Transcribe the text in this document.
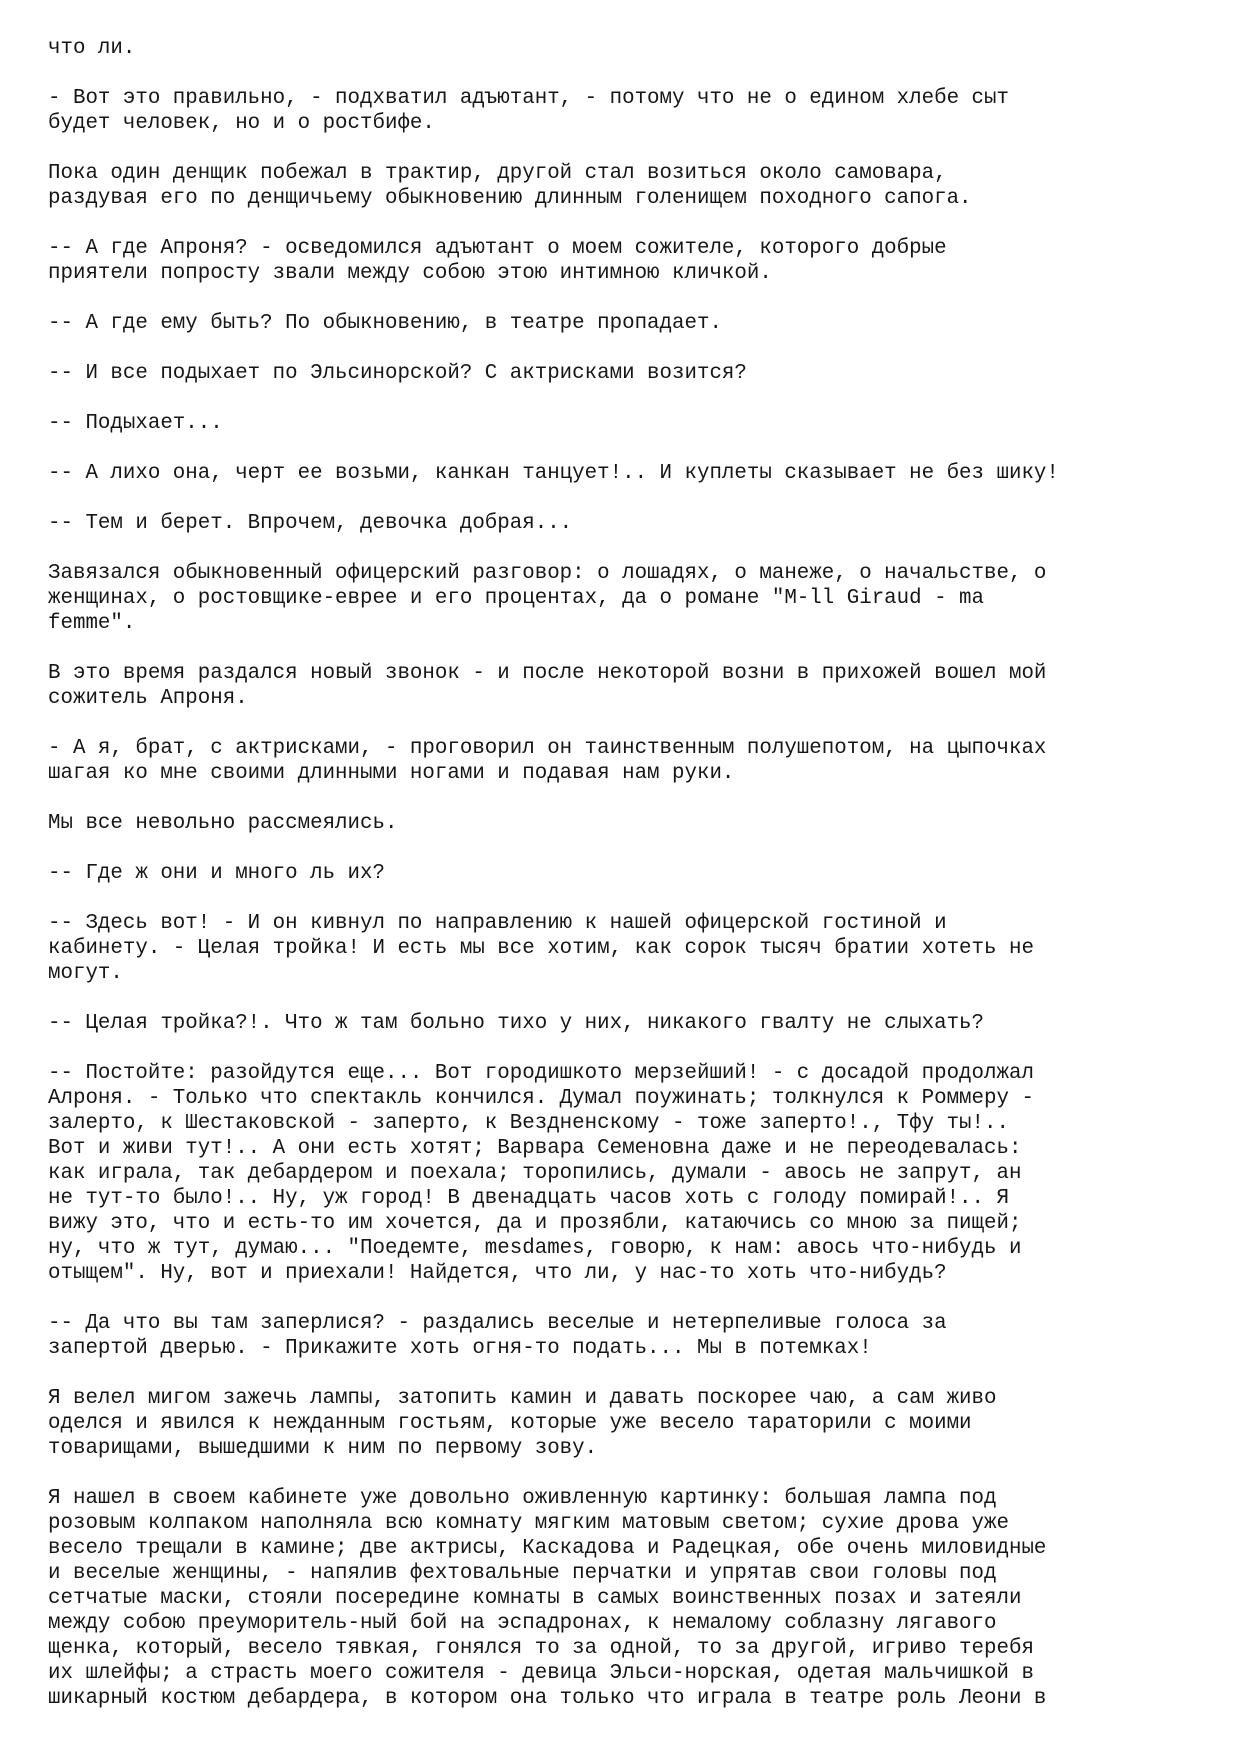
что ли.
- Вот это правильно, - подхватил адъютант, - потому что не о едином хлебе сыт
будет человек, но и о ростбифе.
Пока один денщик побежал в трактир, другой стал возиться около самовара,
раздувая его по денщичьему обыкновению длинным голенищем походного сапога.
-- А где Апроня? - осведомился адъютант о моем сожителе, которого добрые
приятели попросту звали между собою этою интимною кличкой.
-- А где ему быть? По обыкновению, в театре пропадает.
-- И все подыхает по Эльсинорской? С актрисками возится?
-- Подыхает...
-- А лихо она, черт ее возьми, канкан танцует!.. И куплеты сказывает не без шику!
-- Тем и берет. Впрочем, девочка добрая...
Завязался обыкновенный офицерский разговор: о лошадях, о манеже, о начальстве, о
женщинах, о ростовщике-еврее и его процентах, да о романе "M-ll Giraud - ma
femme".
В это время раздался новый звонок - и после некоторой возни в прихожей вошел мой
сожитель Апроня.
- А я, брат, с актрисками, - проговорил он таинственным полушепотом, на цыпочках
шагая ко мне своими длинными ногами и подавая нам руки.
Мы все невольно рассмеялись.
-- Где ж они и много ль их?
-- Здесь вот! - И он кивнул по направлению к нашей офицерской гостиной и
кабинету. - Целая тройка! И есть мы все хотим, как сорок тысяч братии хотеть не
могут.
-- Целая тройка?!. Что ж там больно тихо у них, никакого гвалту не слыхать?
-- Постойте: разойдутся еще... Вот городишкото мерзейший! - с досадой продолжал
Алроня. - Только что спектакль кончился. Думал поужинать; толкнулся к Роммеру -
залерто, к Шестаковской - заперто, к Вездненскому - тоже заперто!., Тфу ты!..
Вот и живи тут!.. А они есть хотят; Варвара Семеновна даже и не переодевалась:
как играла, так дебардером и поехала; торопились, думали - авось не запрут, ан
не тут-то было!.. Ну, уж город! В двенадцать часов хоть с голоду помирай!.. Я
вижу это, что и есть-то им хочется, да и прозябли, катаючись со мною за пищей;
ну, что ж тут, думаю... "Поедемте, mesdames, говорю, к нам: авось что-нибудь и
отыщем". Ну, вот и приехали! Найдется, что ли, у нас-то хоть что-нибудь?
-- Да что вы там заперлися? - раздались веселые и нетерпеливые голоса за
запертой дверью. - Прикажите хоть огня-то подать... Мы в потемках!
Я велел мигом зажечь лампы, затопить камин и давать поскорее чаю, а сам живо
оделся и явился к нежданным гостьям, которые уже весело тараторили с моими
товарищами, вышедшими к ним по первому зову.
Я нашел в своем кабинете уже довольно оживленную картинку: большая лампа под
розовым колпаком наполняла всю комнату мягким матовым светом; сухие дрова уже
весело трещали в камине; две актрисы, Каскадова и Радецкая, обе очень миловидные
и веселые женщины, - напялив фехтовальные перчатки и упрятав свои головы под
сетчатые маски, стояли посередине комнаты в самых воинственных позах и затеяли
между собою преуморитель-ный бой на эспадронах, к немалому соблазну лягавого
щенка, который, весело тявкая, гонялся то за одной, то за другой, игриво теребя
их шлейфы; а страсть моего сожителя - девица Эльси-норская, одетая мальчишкой в
шикарный костюм дебардера, в котором она только что играла в театре роль Леони в
